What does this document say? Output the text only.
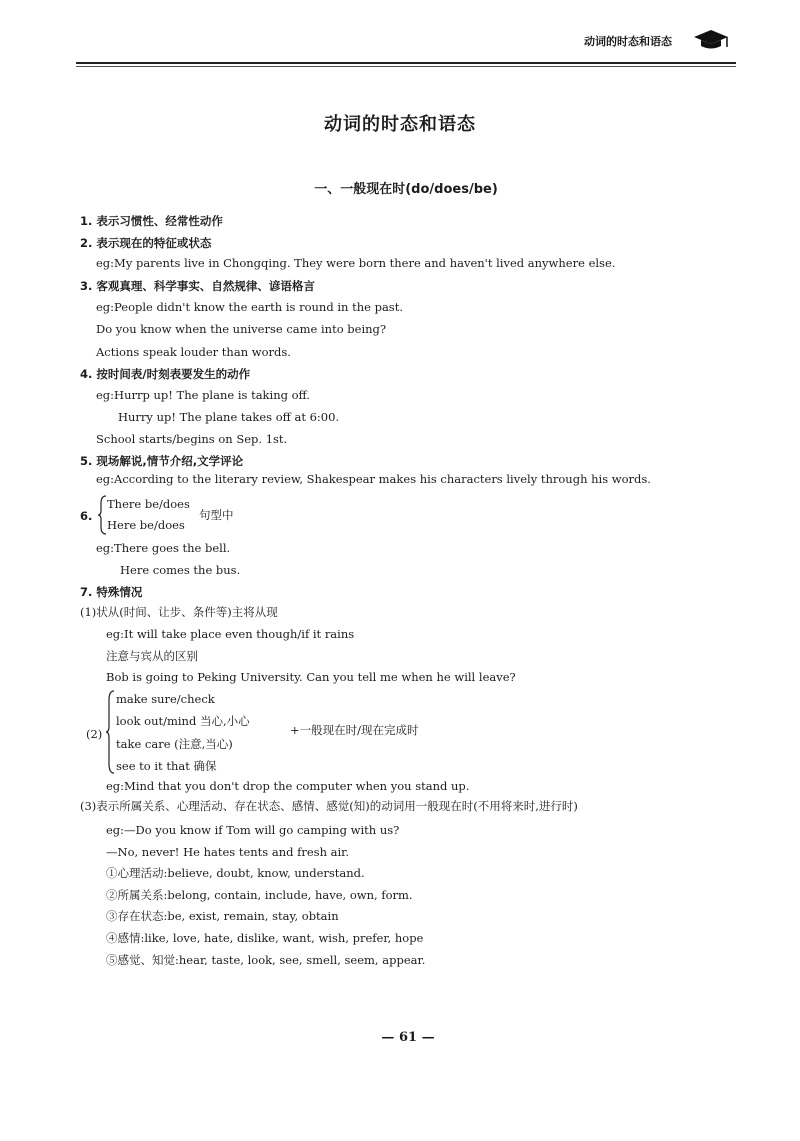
动词的时态和语态
动词的时态和语态
一、一般现在时(do/does/be)
1. 表示习惯性、经常性动作
2. 表示现在的特征或状态
eg:My parents live in Chongqing. They were born there and haven't lived anywhere else.
3. 客观真理、科学事实、自然规律、谚语格言
eg:People didn't know the earth is round in the past.
Do you know when the universe came into being?
Actions speak louder than words.
4. 按时间表/时刻表要发生的动作
eg:Hurrp up! The plane is taking off.
Hurry up! The plane takes off at 6:00.
School starts/begins on Sep. 1st.
5. 现场解说,情节介绍,文学评论
eg:According to the literary review, Shakespear makes his characters lively through his words.
6.
There be/does
Here be/does
句型中
eg:There goes the bell.
Here comes the bus.
7. 特殊情况
(1)状从(时间、让步、条件等)主将从现
eg:It will take place even though/if it rains
注意与宾从的区别
Bob is going to Peking University. Can you tell me when he will leave?
(2)
make sure/check
look out/mind 当心,小心
take care (注意,当心)
see to it that 确保
+一般现在时/现在完成时
eg:Mind that you don't drop the computer when you stand up.
(3)表示所属关系、心理活动、存在状态、感情、感觉(知)的动词用一般现在时(不用将来时,进行时)
eg:—Do you know if Tom will go camping with us?
—No, never! He hates tents and fresh air.
①心理活动:believe, doubt, know, understand.
②所属关系:belong, contain, include, have, own, form.
③存在状态:be, exist, remain, stay, obtain
④感情:like, love, hate, dislike, want, wish, prefer, hope
⑤感觉、知觉:hear, taste, look, see, smell, seem, appear.
— 61 —
